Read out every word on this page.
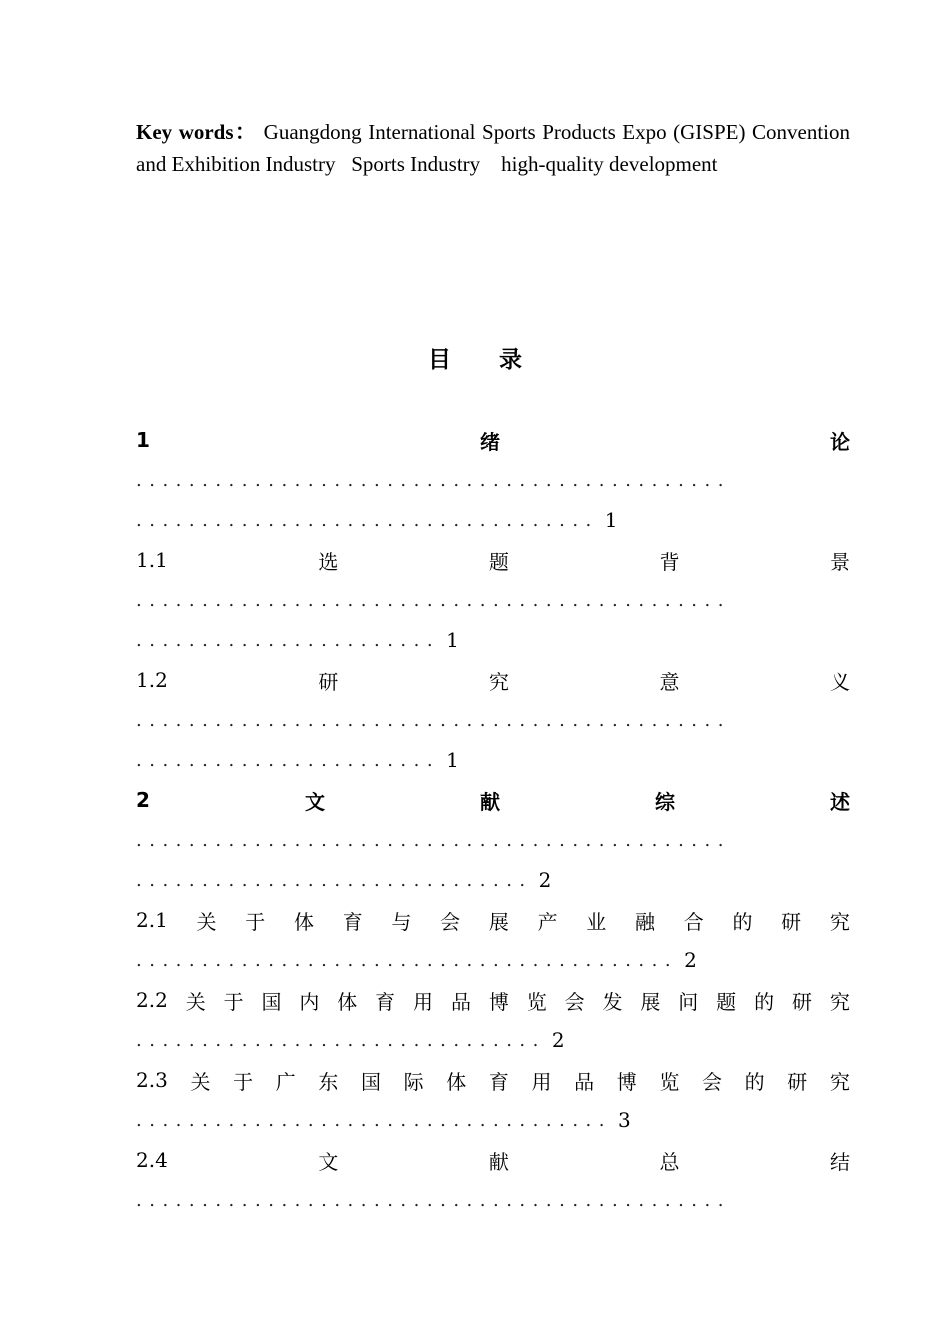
Key words： Guangdong International Sports Products Expo (GISPE) Convention and Exhibition Industry   Sports Industry    high-quality development
目 录
1	绪	论
.............................................
................................... 1
1.1	选	题	背	景
.............................................
....................... 1
1.2	研	究	意	义
.............................................
....................... 1
2	文	献	综	述
.............................................
.............................. 2
2.1 关 于 体 育 与 会 展 产 业 融 合 的 研 究
......................................... 2
2.2 关 于 国 内 体 育 用 品 博 览 会 发 展 问 题 的 研 究
............................... 2
2.3 关 于 广 东 国 际 体 育 用 品 博 览 会 的 研 究
.................................... 3
2.4	文	献	总	结
.............................................
